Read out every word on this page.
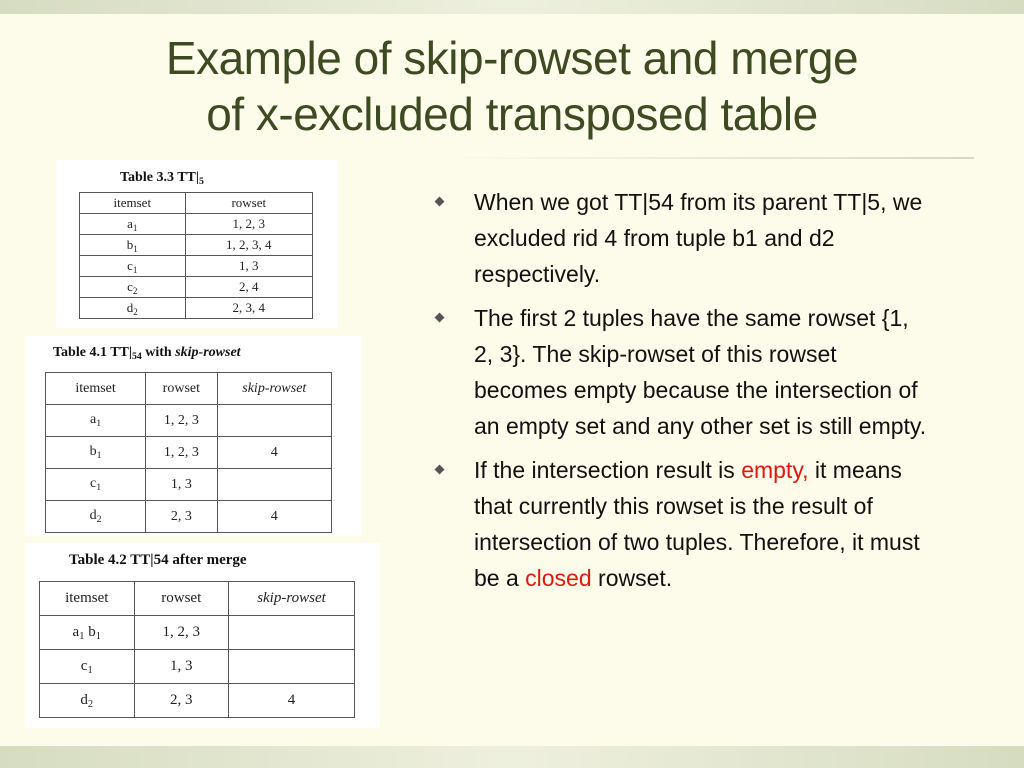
Example of skip-rowset and merge
of x-excluded transposed table
Table 3.3 $TT|_5$
itemset	rowset
$a_1$	1, 2, 3
$b_1$	1, 2, 3, 4
$c_1$	1, 3
$c_2$	2, 4
$d_2$	2, 3, 4
Table 4.1 $TT|_{54}$ with skip-rowset
itemset	rowset	skip-rowset
$a_1$	1, 2, 3	
$b_1$	1, 2, 3	4
$c_1$	1, 3	
$d_2$	2, 3	4
Table 4.2 TT|54 after merge
itemset	rowset	skip-rowset
$a_1$ $b_1$	1, 2, 3	
$c_1$	1, 3	
$d_2$	2, 3	4
When we got TT|54 from its parent TT|5, we excluded rid 4 from tuple b1 and d2 respectively.
The first 2 tuples have the same rowset {1, 2, 3}. The skip-rowset of this rowset becomes empty because the intersection of an empty set and any other set is still empty.
If the intersection result is empty, it means that currently this rowset is the result of intersection of two tuples. Therefore, it must be a closed rowset.
